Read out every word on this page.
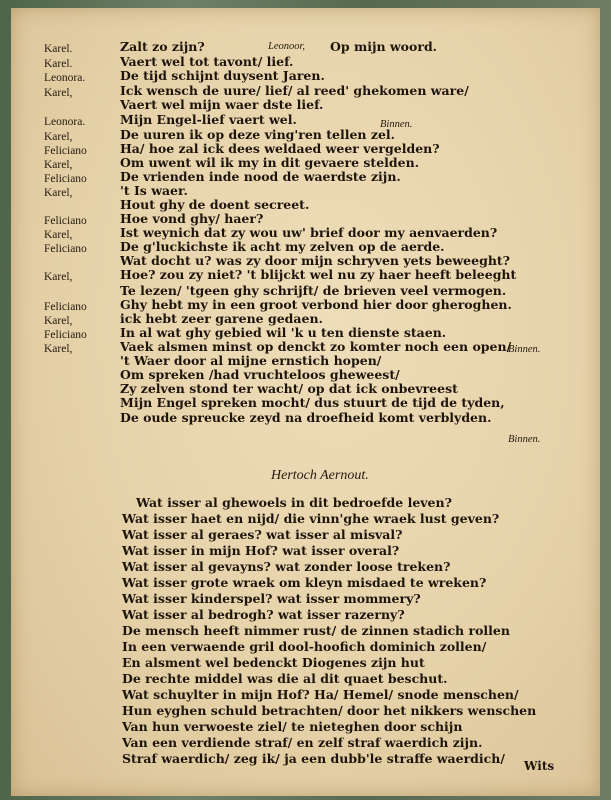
Karel.	Zalt zo zijn?
Karel.	Vaert wel tot tavont/ lief.
Leonora.	De tijd schijnt duysent Jaren.
Karel,	Ick wensch de uure/ lief/ al reed' ghekomen ware/
Vaert wel mijn waer dste lief.
Leonora.	Mijn Engel-lief vaert wel.
Karel,	De uuren ik op deze ving'ren tellen zel.
Feliciano	Ha/ hoe zal ick dees weldaed weer vergelden?
Karel,	Om uwent wil ik my in dit gevaere stelden.
Feliciano	De vrienden inde nood de waerdste zijn.
Karel,	't Is waer.
Hout ghy de doent secreet.
Feliciano	Hoe vond ghy/ haer?
Karel,	Ist weynich dat zy wou uw' brief door my aenvaerden?
Feliciano	De g'luckichste ik acht my zelven op de aerde.
Wat docht u? was zy door mijn schryven yets beweeght?
Karel,	Hoe? zou zy niet? 't blijckt wel nu zy haer heeft beleeght
Te lezen/ 'tgeen ghy schrijft/ de brieven veel vermogen.
Feliciano	Ghy hebt my in een groot verbond hier door gheroghen.
Karel,	ick hebt zeer garene gedaen.
Feliciano	In al wat ghy gebied wil 'k u ten dienste staen.
Karel,	Vaek alsmen minst op denckt zo komter noch een open/
't Waer door al mijne ernstich hopen/
Om spreken /had vruchteloos gheweest/
Zy zelven stond ter wacht/ op dat ick onbevreest
Mijn Engel spreken mocht/ dus stuurt de tijd de tyden,
De oude spreucke zeyd na droefheid komt verblyden.
Leonoor, Op mijn woord.
Binnen.
Binnen.
Binnen.
Hertoch Aernout.
Wat isser al ghewoels in dit bedroefde leven?
Wat isser haet en nijd/ die vinn'ghe wraek lust geven?
Wat isser al geraes? wat isser al misval?
Wat isser in mijn Hof? wat isser overal?
Wat isser al gevayns? wat zonder loose treken?
Wat isser grote wraek om kleyn misdaed te wreken?
Wat isser kinderspel? wat isser mommery?
Wat isser al bedrogh? wat isser razerny?
De mensch heeft nimmer rust/ de zinnen stadich rollen
In een verwaende gril dool-hoofich dominich zollen/
En alsment wel bedenckt Diogenes zijn hut
De rechte middel was die al dit quaet beschut.
Wat schuylter in mijn Hof? Ha/ Hemel/ snode menschen/
Hun eyghen schuld betrachten/ door het nikkers wenschen
Van hun verwoeste ziel/ te nieteghen door schijn
Van een verdiende straf/ en zelf straf waerdich zijn.
Straf waerdich/ zeg ik/ ja een dubb'le straffe waerdich/ Wits
